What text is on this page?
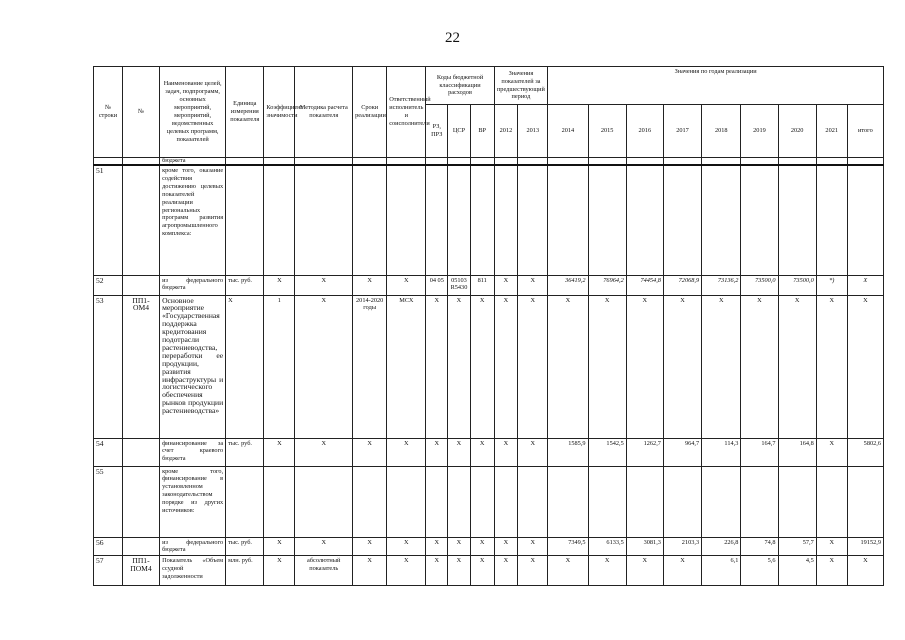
22
№ строки	№	Наименование целей, задач, подпрограмм, основных мероприятий, мероприятий, ведомственных целевых программ, показателей	Единица измерения показателя	Коэффициент значимости	Методика расчета показателя	Сроки реализации	Ответственный исполнитель и соисполнители	Коды бюджетной классификации расходов			Значения показателей за предшествующий период		Значения по годам реализации								
								РЗ, ПРЗ	ЦСР	ВР	2012	2013	2014	2015	2016	2017	2018	2019	2020	2021	итого
		бюджета																			
51		кроме того, оказание содействия достижению целевых показателей реализации региональных программ развития агропромышленного комплекса:																			
52		из федерального бюджета	тыс. руб.	X	X	X	X	04 05	05103 R5430	811	X	X	36419,2	76964,2	74454,8	72068,9	73136,2	73500,0	73500,0	*)	X
53	ПП1-ОМ4	Основное мероприятие «Государственная поддержка кредитования подотрасли растениеводства, переработки ее продукции, развития инфраструктуры и логистического обеспечения рынков продукции растениеводства»	X	1	X	2014-2020 годы	МСХ	X	X	X	X	X	X	X	X	X	X	X	X	X	X
54		финансирование за счет краевого бюджета	тыс. руб.	X	X	X	X	X	X	X	X	X	1585,9	1542,5	1262,7	964,7	114,3	164,7	164,8	X	5802,6
55		кроме того, финансирование в установленном законодательством порядке из других источников:																			
56		из федерального бюджета	тыс. руб.	X	X	X	X	X	X	X	X	X	7349,5	6133,5	3081,3	2103,3	226,8	74,8	57,7	X	19152,9
57	ПП1-ПОМ4	Показатель «Объем ссудной задолженности	млн. руб.	X	абсолютный показатель	X	X	X	X	X	X	X	X	X	X	X	6,1	5,6	4,5	X	X
